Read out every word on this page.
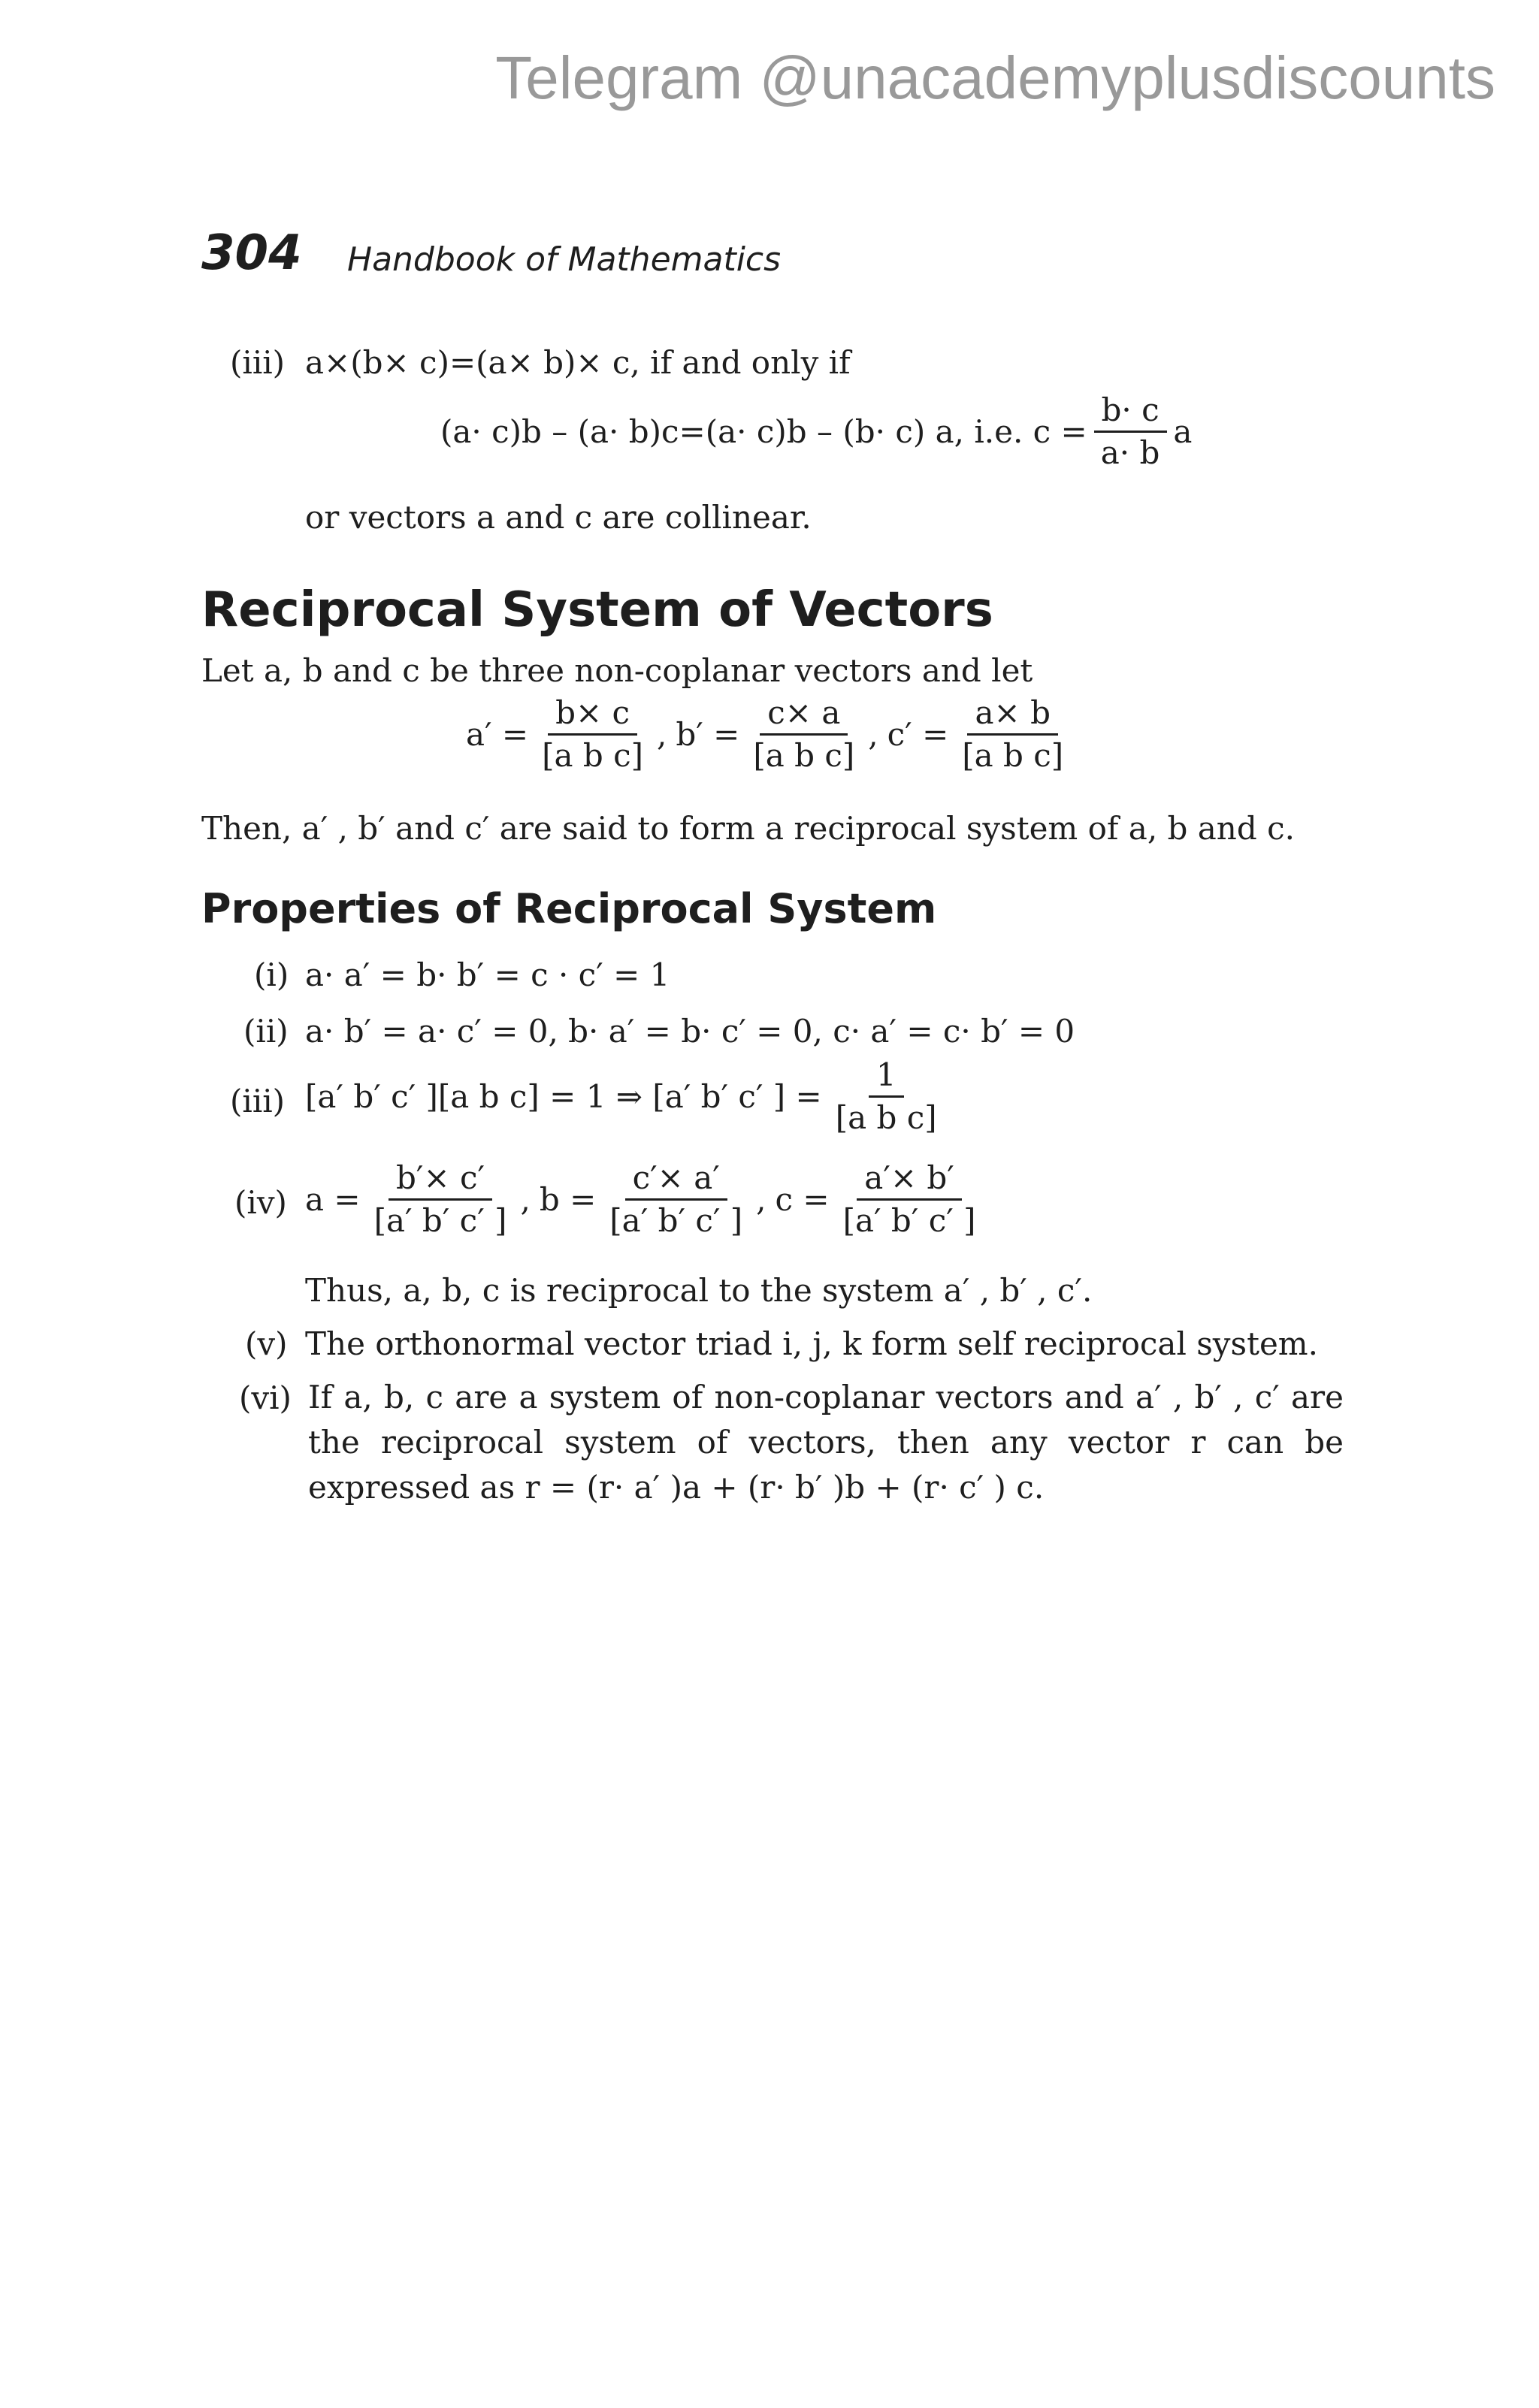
Telegram @unacademyplusdiscounts
304 Handbook of Mathematics
(iii) a×(b× c)=(a× b)× c, if and only if
(a· c)b – (a· b)c=(a· c)b – (b· c) a, i.e. $c = \frac{b\cdot c}{a\cdot b}$ a
or vectors a and c are collinear.
Reciprocal System of Vectors
Let a, b and c be three non-coplanar vectors and let
$a' = \frac{b\times c}{\text{[a b c]}}$ , $b' = \frac{c\times a}{\text{[a b c]}}$ , $c' = \frac{a\times b}{\text{[a b c]}}$
Then, a′ , b′ and c′ are said to form a reciprocal system of a, b and c.
Properties of Reciprocal System
(i) a· a′ = b· b′ = c · c′ = 1
(ii) a· b′ = a· c′ = 0, b· a′ = b· c′ = 0, c· a′ = c· b′ = 0
(iii) [a′ b′ c′ ][a b c] = 1 ⇒ [a′ b′ c′ ] = $\frac{1}{\text{[a b c]}}$
(iv) $a = \frac{b'\times c'}{[a' b' c' ]}$ , $b = \frac{c'\times a'}{[a' b' c' ]}$ , $c = \frac{a'\times b'}{[a' b' c' ]}$
Thus, a, b, c is reciprocal to the system a′ , b′ , c′.
(v) The orthonormal vector triad i, j, k form self reciprocal system.
(vi) If a, b, c are a system of non-coplanar vectors and a′ , b′ , c′ are the reciprocal system of vectors, then any vector r can be expressed as r = (r· a′ )a + (r· b′ )b + (r· c′ ) c.
